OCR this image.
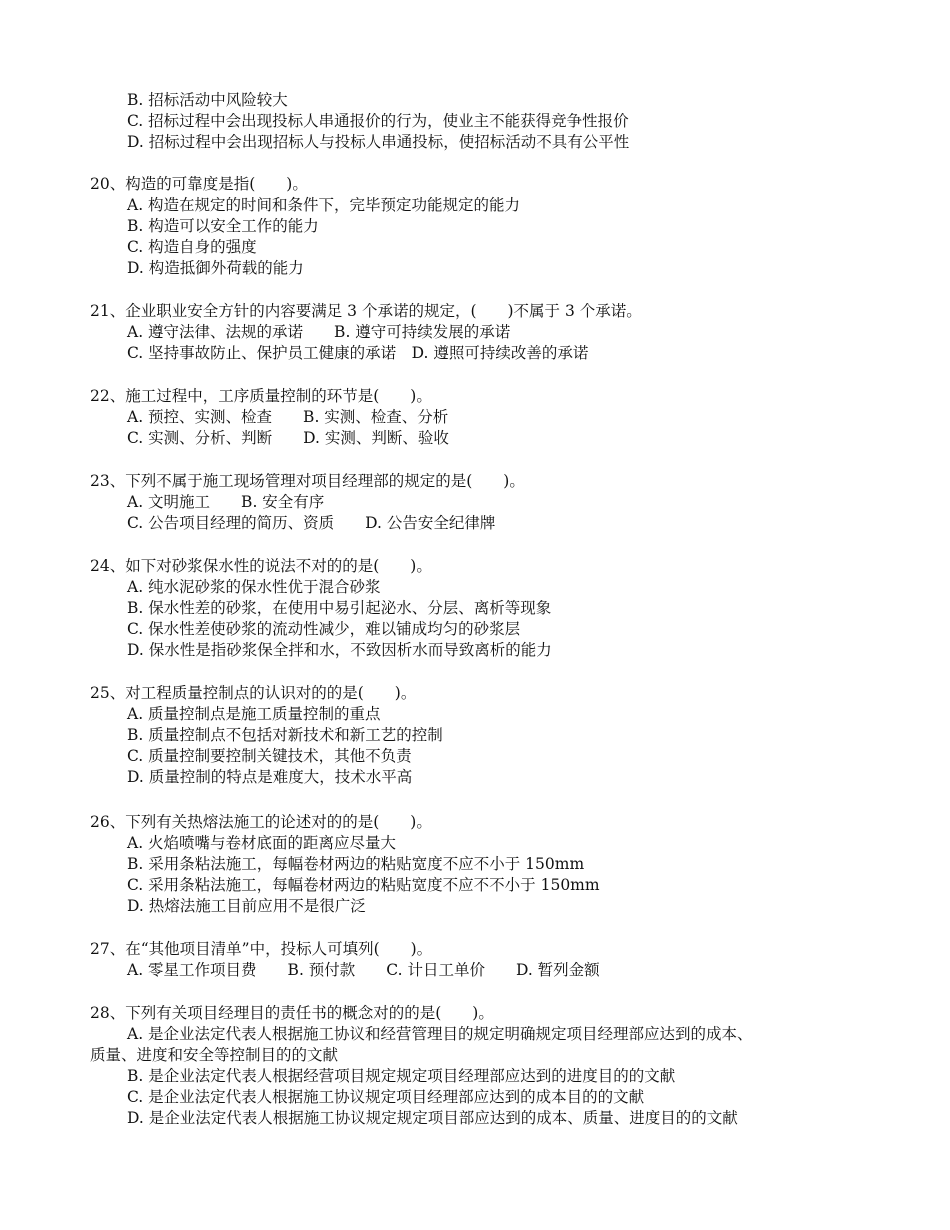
B. 招标活动中风险较大
C. 招标过程中会出现投标人串通报价的行为，使业主不能获得竞争性报价
D. 招标过程中会出现招标人与投标人串通投标，使招标活动不具有公平性
20、构造的可靠度是指(　　)。
A. 构造在规定的时间和条件下，完毕预定功能规定的能力
B. 构造可以安全工作的能力
C. 构造自身的强度
D. 构造抵御外荷载的能力
21、企业职业安全方针的内容要满足 3 个承诺的规定，(　　)不属于 3 个承诺。
A. 遵守法律、法规的承诺　　B. 遵守可持续发展的承诺
C. 坚持事故防止、保护员工健康的承诺　D. 遵照可持续改善的承诺
22、施工过程中，工序质量控制的环节是(　　)。
A. 预控、实测、检查　　B. 实测、检查、分析
C. 实测、分析、判断　　D. 实测、判断、验收
23、下列不属于施工现场管理对项目经理部的规定的是(　　)。
A. 文明施工　　B. 安全有序
C. 公告项目经理的简历、资质　　D. 公告安全纪律牌
24、如下对砂浆保水性的说法不对的的是(　　)。
A. 纯水泥砂浆的保水性优于混合砂浆
B. 保水性差的砂浆，在使用中易引起泌水、分层、离析等现象
C. 保水性差使砂浆的流动性减少，难以铺成均匀的砂浆层
D. 保水性是指砂浆保全拌和水，不致因析水而导致离析的能力
25、对工程质量控制点的认识对的的是(　　)。
A. 质量控制点是施工质量控制的重点
B. 质量控制点不包括对新技术和新工艺的控制
C. 质量控制要控制关键技术，其他不负责
D. 质量控制的特点是难度大，技术水平高
26、下列有关热熔法施工的论述对的的是(　　)。
A. 火焰喷嘴与卷材底面的距离应尽量大
B. 采用条粘法施工，每幅卷材两边的粘贴宽度不应不小于 150mm
C. 采用条粘法施工，每幅卷材两边的粘贴宽度不应不不小于 150mm
D. 热熔法施工目前应用不是很广泛
27、在“其他项目清单”中，投标人可填列(　　)。
A. 零星工作项目费　　B. 预付款　　C. 计日工单价　　D. 暂列金额
28、下列有关项目经理目的责任书的概念对的的是(　　)。
A. 是企业法定代表人根据施工协议和经营管理目的规定明确规定项目经理部应达到的成本、
质量、进度和安全等控制目的的文献
B. 是企业法定代表人根据经营项目规定规定项目经理部应达到的进度目的的文献
C. 是企业法定代表人根据施工协议规定项目经理部应达到的成本目的的文献
D. 是企业法定代表人根据施工协议规定规定项目部应达到的成本、质量、进度目的的文献
